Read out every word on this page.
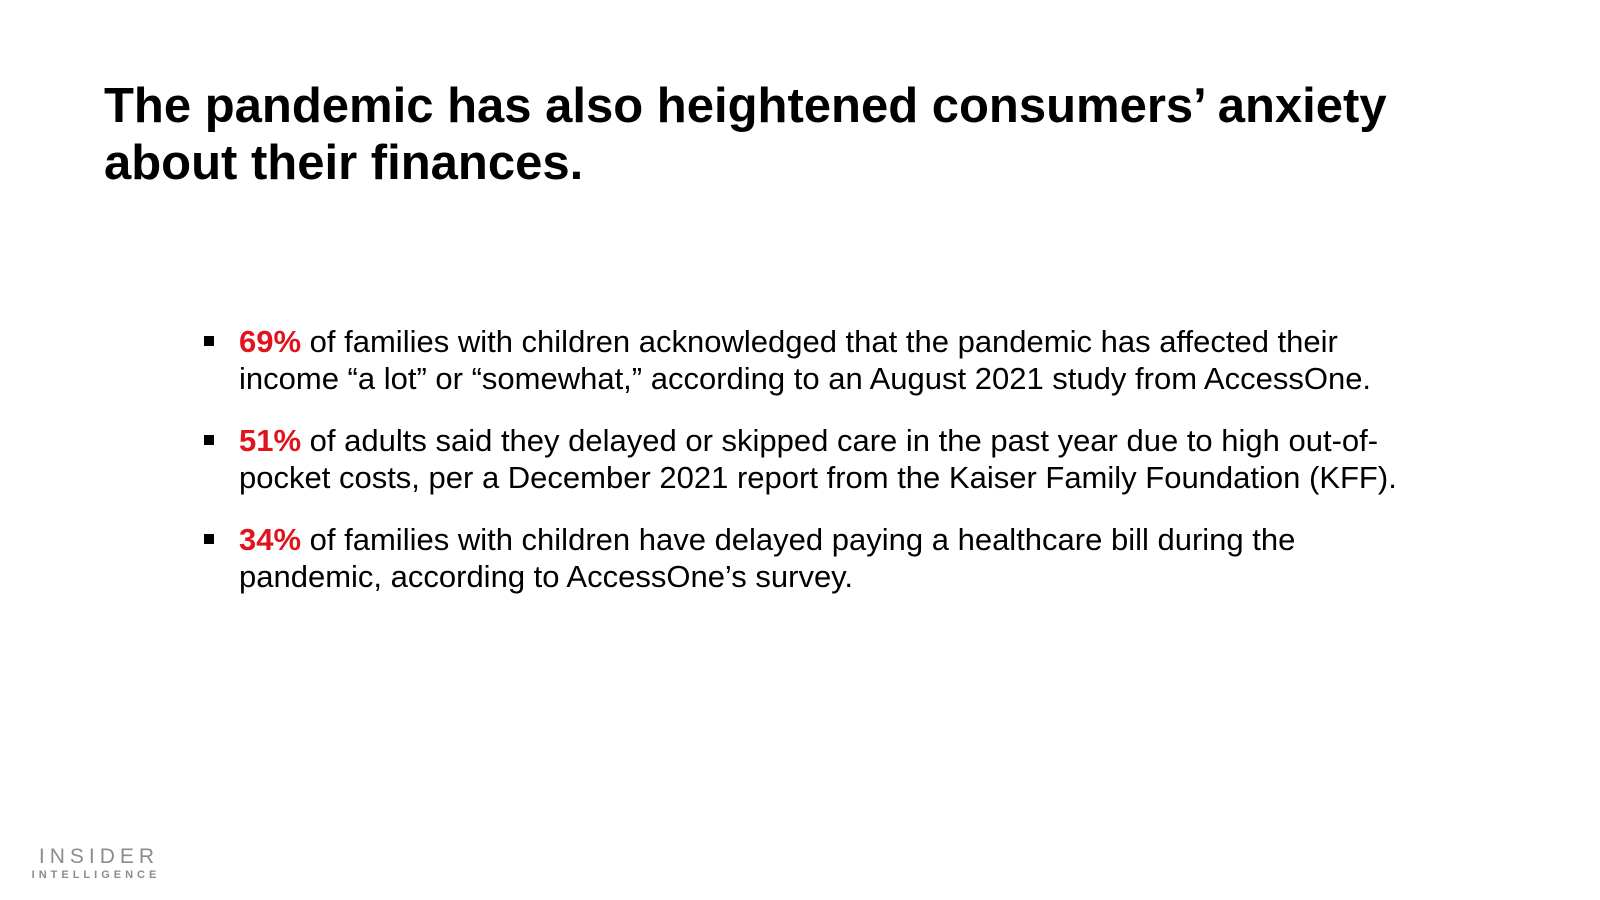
The pandemic has also heightened consumers’ anxiety about their finances.
69% of families with children acknowledged that the pandemic has affected their income “a lot” or “somewhat,” according to an August 2021 study from AccessOne.
51% of adults said they delayed or skipped care in the past year due to high out-of-pocket costs, per a December 2021 report from the Kaiser Family Foundation (KFF).
34% of families with children have delayed paying a healthcare bill during the pandemic, according to AccessOne’s survey.
INSIDER
INTELLIGENCE
